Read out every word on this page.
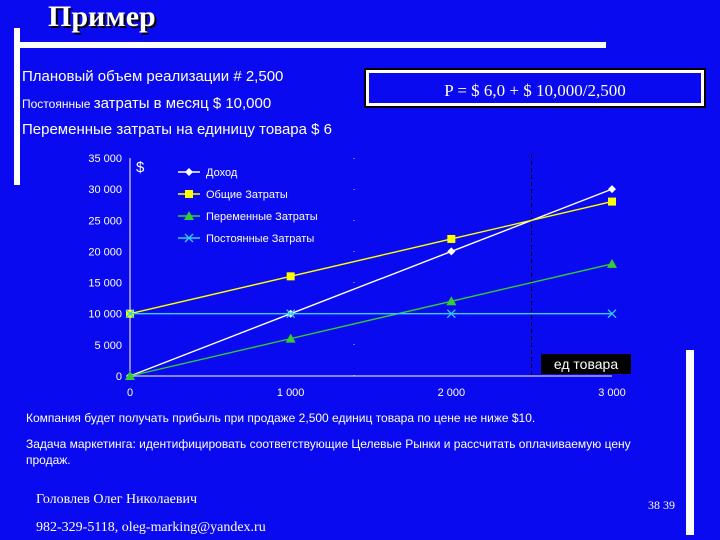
Пример
Плановый объем реализации # 2,500
Постоянные затраты в месяц $ 10,000
Переменные затраты на единицу товара $ 6
P = $ 6,0 + $ 10,000/2,500
0
5 000
10 000
15 000
20 000
25 000
30 000
35 000
0	1 000	2 000	3 000
$
ед товара
Доход
Общие Затраты
Переменные Затраты
Постоянные Затраты
Компания будет получать прибыль при продаже 2,500 единиц товара по цене не ниже $10.
Задача маркетинга: идентифицировать соответствующие Целевые Рынки и рассчитать оплачиваемую цену продаж.
Головлев Олег Николаевич
982-329-5118, oleg-marking@yandex.ru
38 39
